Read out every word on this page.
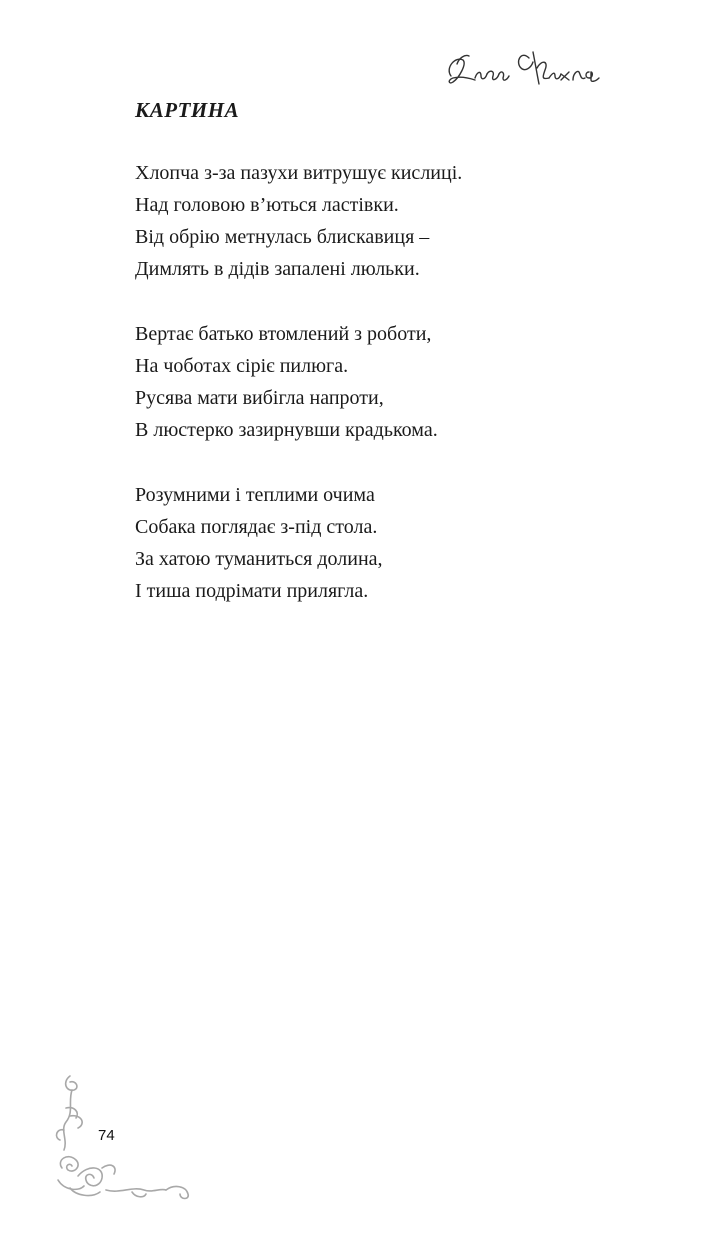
КАРТИНА
Хлопча з-за пазухи витрушує кислиці.
Над головою в’ються ластівки.
Від обрію метнулась блискавиця –
Димлять в дідів запалені люльки.
Вертає батько втомлений з роботи,
На чоботах сіріє пилюга.
Русява мати вибігла напроти,
В люстерко зазирнувши крадькома.
Розумними і теплими очима
Собака поглядає з-під стола.
За хатою туманиться долина,
І тиша подрімати прилягла.
74
